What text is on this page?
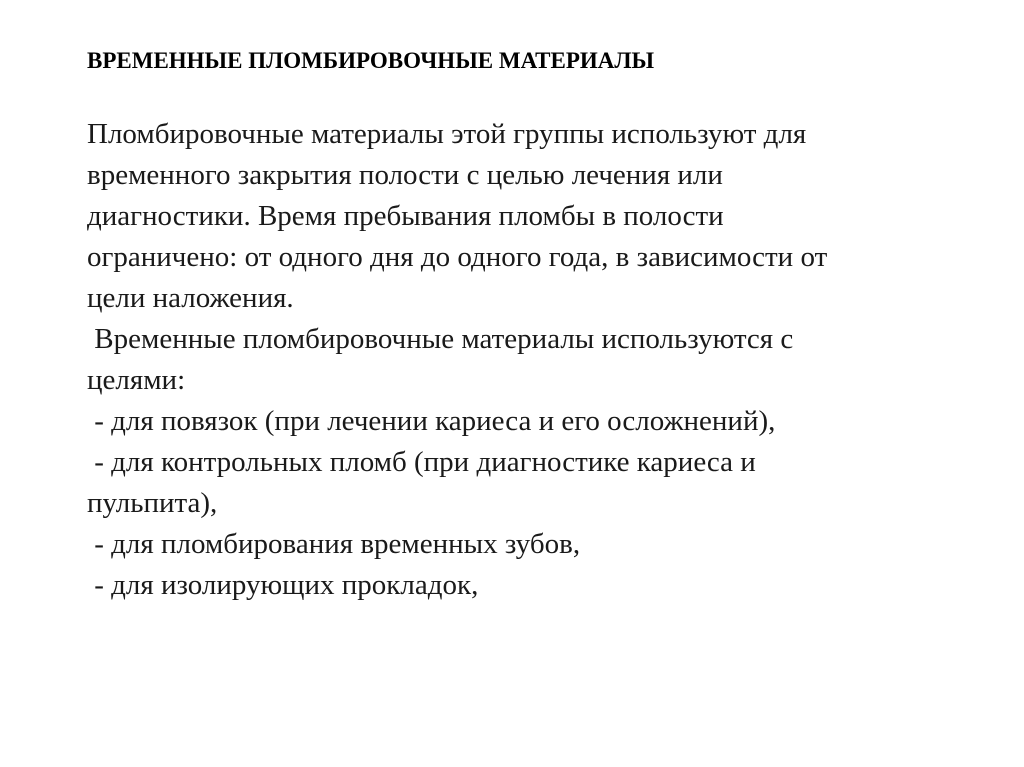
ВРЕМЕННЫЕ ПЛОМБИРОВОЧНЫЕ МАТЕРИАЛЫ
Пломбировочные материалы этой группы используют для
временного закрытия полости с целью лечения или
диагностики. Время пребывания пломбы в полости
ограничено: от одного дня до одного года, в зависимости от
цели наложения.
Временные пломбировочные материалы используются с
целями:
- для повязок (при лечении кариеса и его осложнений),
- для контрольных пломб (при диагностике кариеса и
пульпита),
- для пломбирования временных зубов,
- для изолирующих прокладок,
